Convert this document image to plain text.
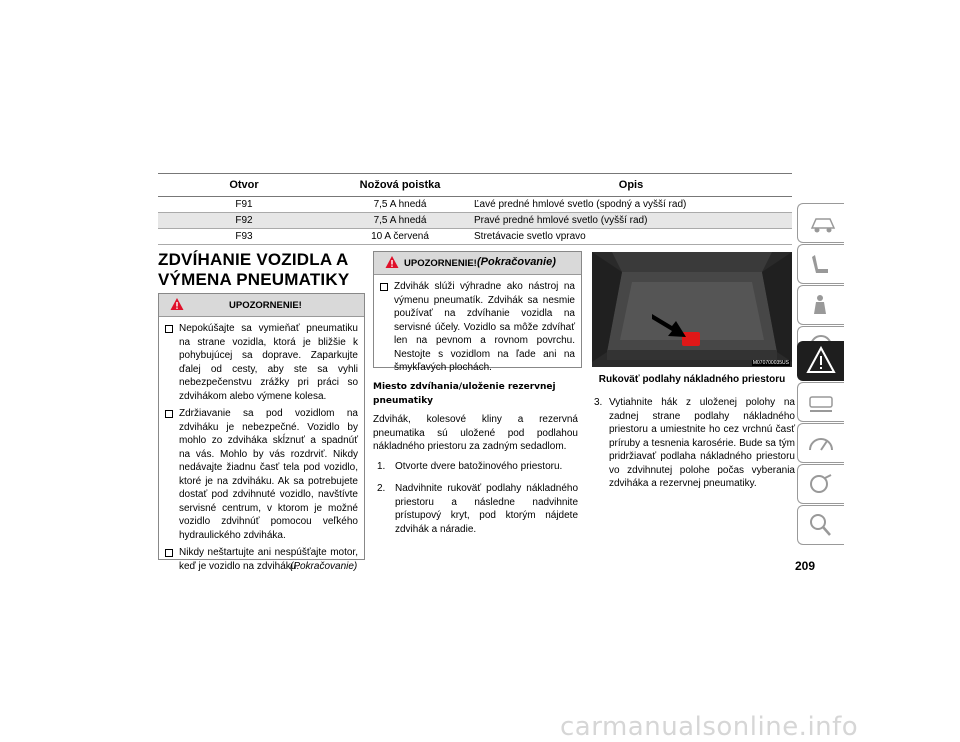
Otvor	Nožová poistka	Opis
F91	7,5 A hnedá	Ľavé predné hmlové svetlo (spodný a vyšší rad)
F92	7,5 A hnedá	Pravé predné hmlové svetlo (vyšší rad)
F93	10 A červená	Stretávacie svetlo vpravo
ZDVÍHANIE VOZIDLA A VÝMENA PNEUMATIKY
UPOZORNENIE!
Nepokúšajte sa vymieňať pneumatiku na strane vozidla, ktorá je bližšie k pohybujúcej sa doprave. Zaparkujte ďalej od cesty, aby ste sa vyhli nebezpečenstvu zrážky pri práci so zdvihákom alebo výmene kolesa.
Zdržiavanie sa pod vozidlom na zdviháku je nebezpečné. Vozidlo by mohlo zo zdviháka skĺznuť a spadnúť na vás. Mohlo by vás rozdrviť. Nikdy nedávajte žiadnu časť tela pod vozidlo, ktoré je na zdviháku. Ak sa potrebujete dostať pod zdvihnuté vozidlo, navštívte servisné centrum, v ktorom je možné vozidlo zdvihnúť pomocou veľkého hydraulického zdviháka.
Nikdy neštartujte ani nespúšťajte motor, keď je vozidlo na zdviháku.
(Pokračovanie)
UPOZORNENIE! (Pokračovanie)
Zdvihák slúži výhradne ako nástroj na výmenu pneumatík. Zdvihák sa nesmie používať na zdvíhanie vozidla na servisné účely. Vozidlo sa môže zdvíhať len na pevnom a rovnom povrchu. Nestojte s vozidlom na ľade ani na šmykľavých plochách.
Miesto zdvíhania/uloženie rezervnej pneumatiky
Zdvihák, kolesové kliny a rezervná pneumatika sú uložené pod podlahou nákladného priestoru za zadným sedadlom.
1. Otvorte dvere batožinového priestoru.
2. Nadvihnite rukoväť podlahy nákladného priestoru a následne nadvihnite prístupový kryt, pod ktorým nájdete zdvihák a náradie.
M070700035US
Rukoväť podlahy nákladného priestoru
3. Vytiahnite hák z uloženej polohy na zadnej strane podlahy nákladného priestoru a umiestnite ho cez vrchnú časť príruby a tesnenia karosérie. Bude sa tým pridržiavať podlaha nákladného priestoru vo zdvihnutej polohe počas vyberania zdviháka a rezervnej pneumatiky.
209
carmanualsonline.info
